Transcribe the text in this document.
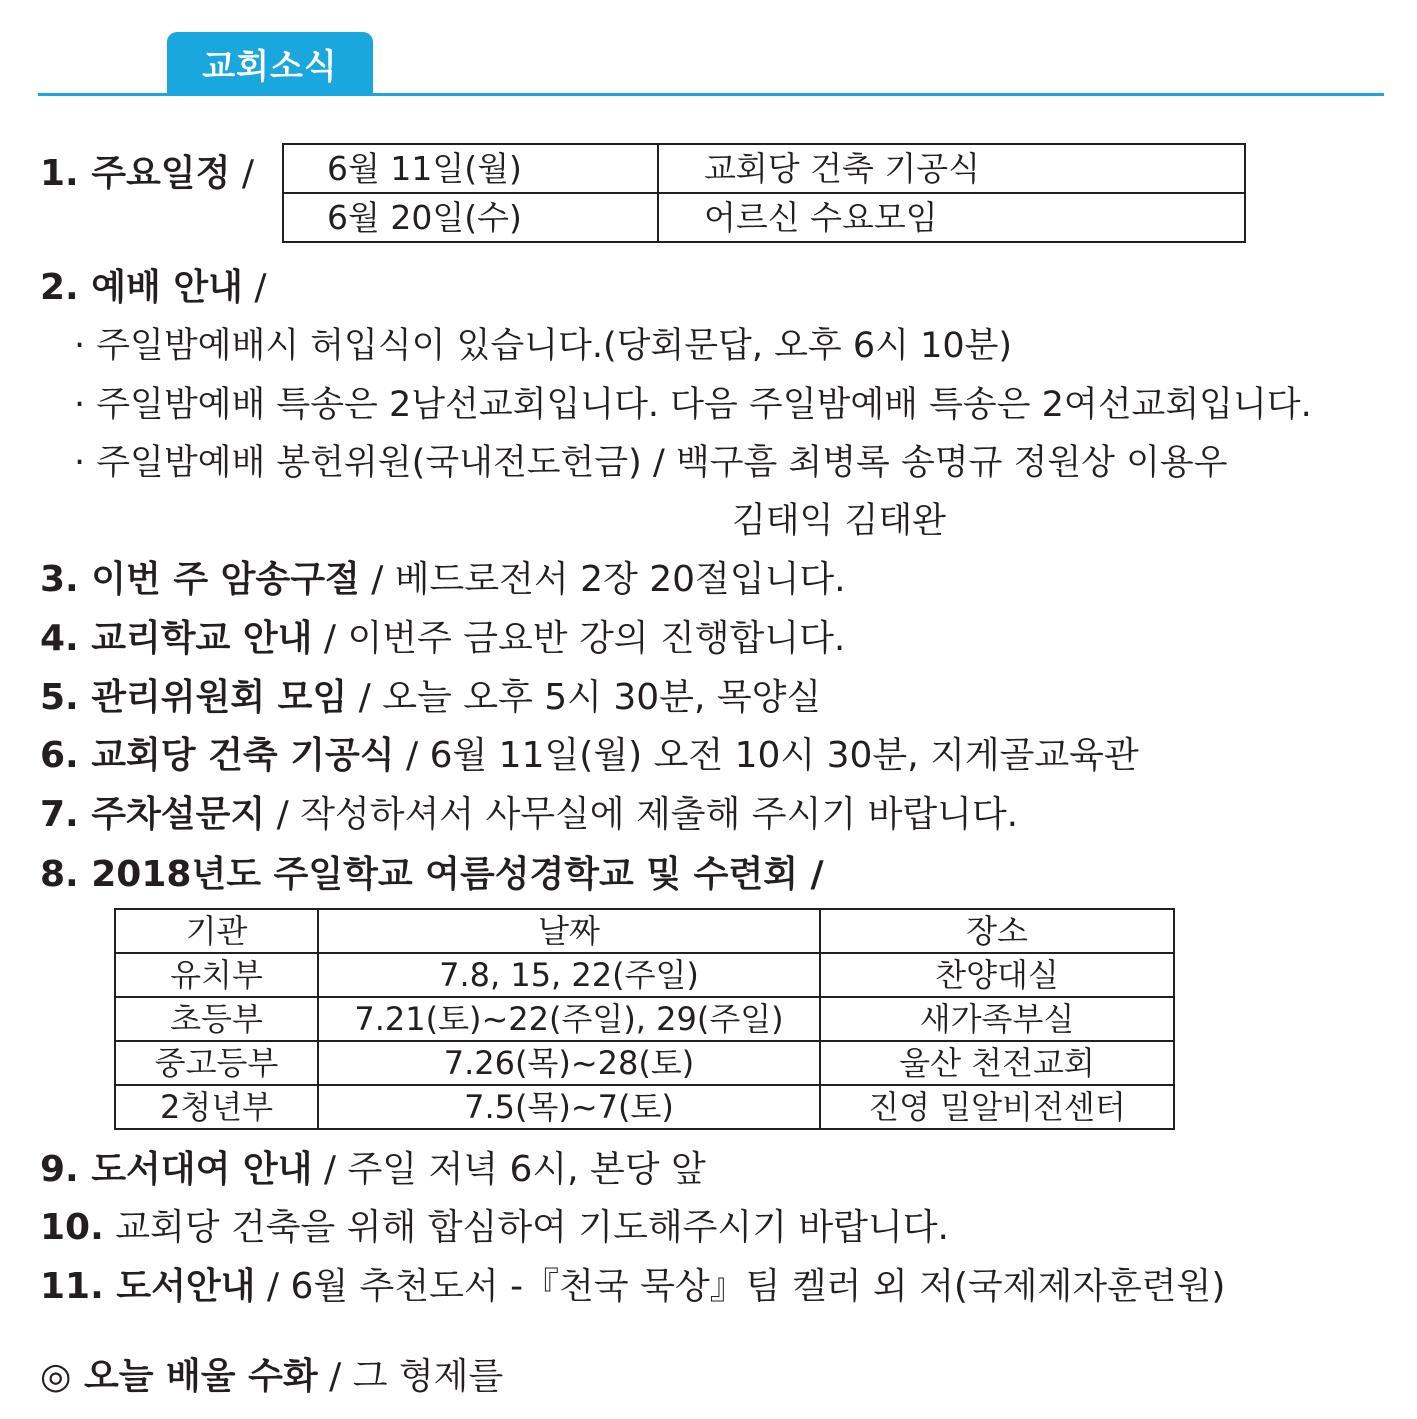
교회소식
1. 주요일정 / 6월 11일(월)	교회당 건축 기공식
6월 20일(수)	어르신 수요모임
2. 예배 안내 /
· 주일밤예배시 허입식이 있습니다.(당회문답, 오후 6시 10분)
· 주일밤예배 특송은 2남선교회입니다. 다음 주일밤예배 특송은 2여선교회입니다.
· 주일밤예배 봉헌위원(국내전도헌금) / 백구흠 최병록 송명규 정원상 이용우
김태익 김태완
3. 이번 주 암송구절 / 베드로전서 2장 20절입니다.
4. 교리학교 안내 / 이번주 금요반 강의 진행합니다.
5. 관리위원회 모임 / 오늘 오후 5시 30분, 목양실
6. 교회당 건축 기공식 / 6월 11일(월) 오전 10시 30분, 지게골교육관
7. 주차설문지 / 작성하셔서 사무실에 제출해 주시기 바랍니다.
8. 2018년도 주일학교 여름성경학교 및 수련회 /
기관	날짜	장소
유치부	7.8, 15, 22(주일)	찬양대실
초등부	7.21(토)~22(주일), 29(주일)	새가족부실
중고등부	7.26(목)~28(토)	울산 천전교회
2청년부	7.5(목)~7(토)	진영 밀알비전센터
9. 도서대여 안내 / 주일 저녁 6시, 본당 앞
10. 교회당 건축을 위해 합심하여 기도해주시기 바랍니다.
11. 도서안내 / 6월 추천도서 -『천국 묵상』팀 켈러 외 저(국제제자훈련원)
◎ 오늘 배울 수화 / 그 형제를
